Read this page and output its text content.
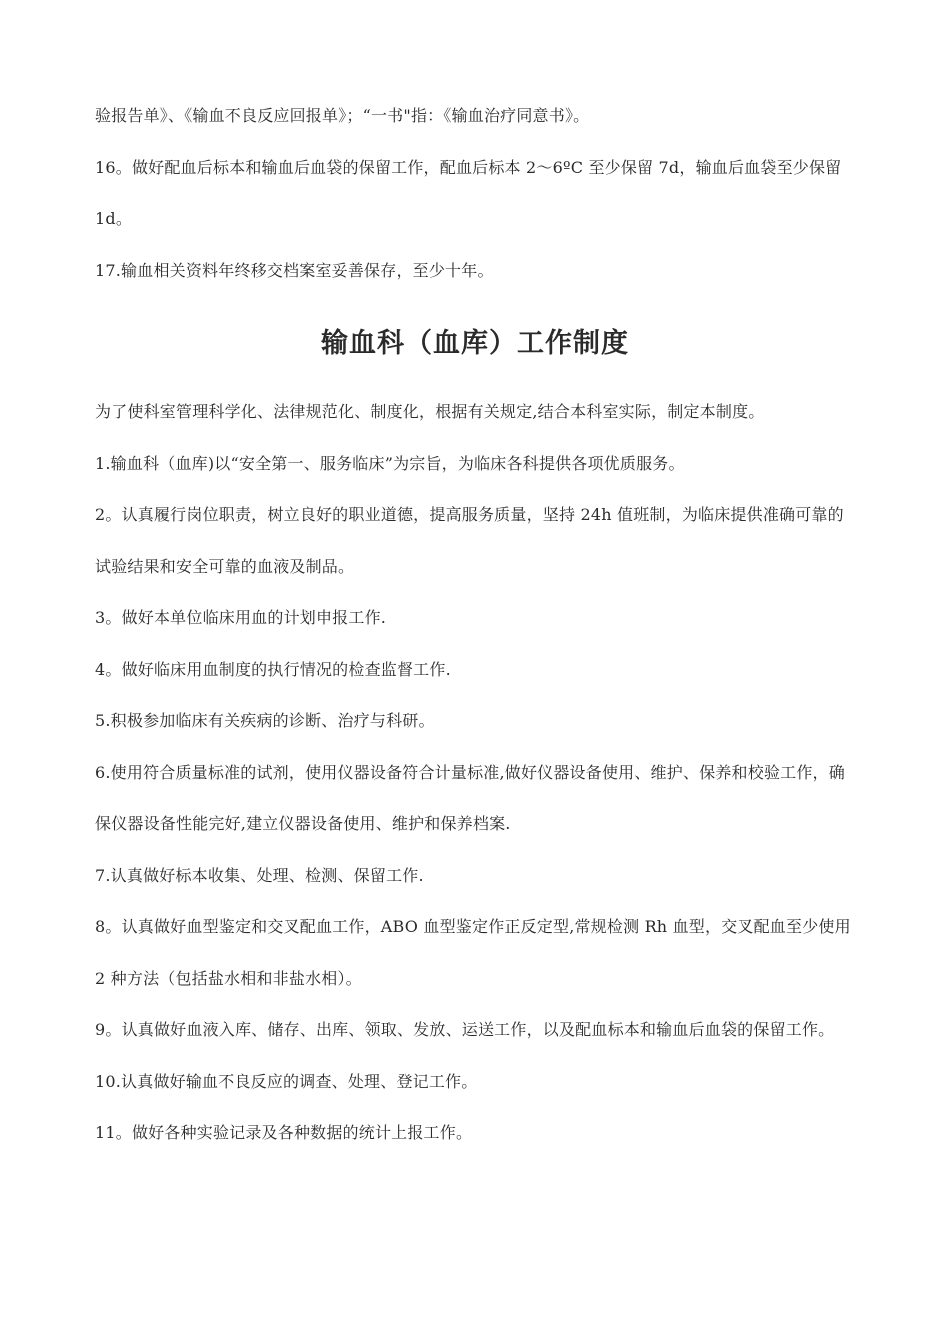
验报告单》、《输血不良反应回报单》；“一书"指：《输血治疗同意书》。

16。做好配血后标本和输血后血袋的保留工作，配血后标本 2～6ºC 至少保留 7d，输血后血袋至少保留 1d。

17.输血相关资料年终移交档案室妥善保存，至少十年。

输血科（血库）工作制度

为了使科室管理科学化、法律规范化、制度化，根据有关规定,结合本科室实际，制定本制度。

1.输血科（血库)以“安全第一、服务临床”为宗旨，为临床各科提供各项优质服务。

2。认真履行岗位职责，树立良好的职业道德，提高服务质量，坚持 24h 值班制，为临床提供准确可靠的试验结果和安全可靠的血液及制品。

3。做好本单位临床用血的计划申报工作.

4。做好临床用血制度的执行情况的检查监督工作.

5.积极参加临床有关疾病的诊断、治疗与科研。

6.使用符合质量标准的试剂，使用仪器设备符合计量标准,做好仪器设备使用、维护、保养和校验工作，确保仪器设备性能完好,建立仪器设备使用、维护和保养档案.

7.认真做好标本收集、处理、检测、保留工作.

8。认真做好血型鉴定和交叉配血工作，ABO 血型鉴定作正反定型,常规检测 Rh 血型，交叉配血至少使用 2 种方法（包括盐水相和非盐水相）。

9。认真做好血液入库、储存、出库、领取、发放、运送工作，以及配血标本和输血后血袋的保留工作。

10.认真做好输血不良反应的调查、处理、登记工作。

11。做好各种实验记录及各种数据的统计上报工作。
